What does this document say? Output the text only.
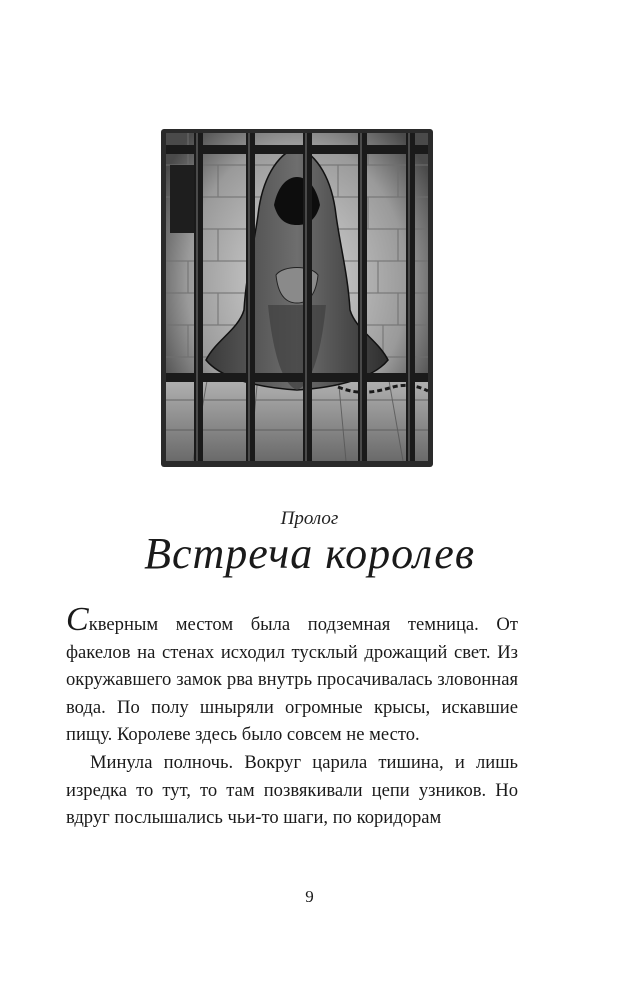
Пролог
Встреча королев

Скверным местом была подземная темница. От факелов на стенах исходил тусклый дрожащий свет. Из окружавшего замок рва внутрь просачивалась зловонная вода. По полу шныряли огромные крысы, искавшие пищу. Королеве здесь было совсем не место.

Минула полночь. Вокруг царила тишина, и лишь изредка то тут, то там позвякивали цепи узников. Но вдруг послышались чьи-то шаги, по коридорам

9
